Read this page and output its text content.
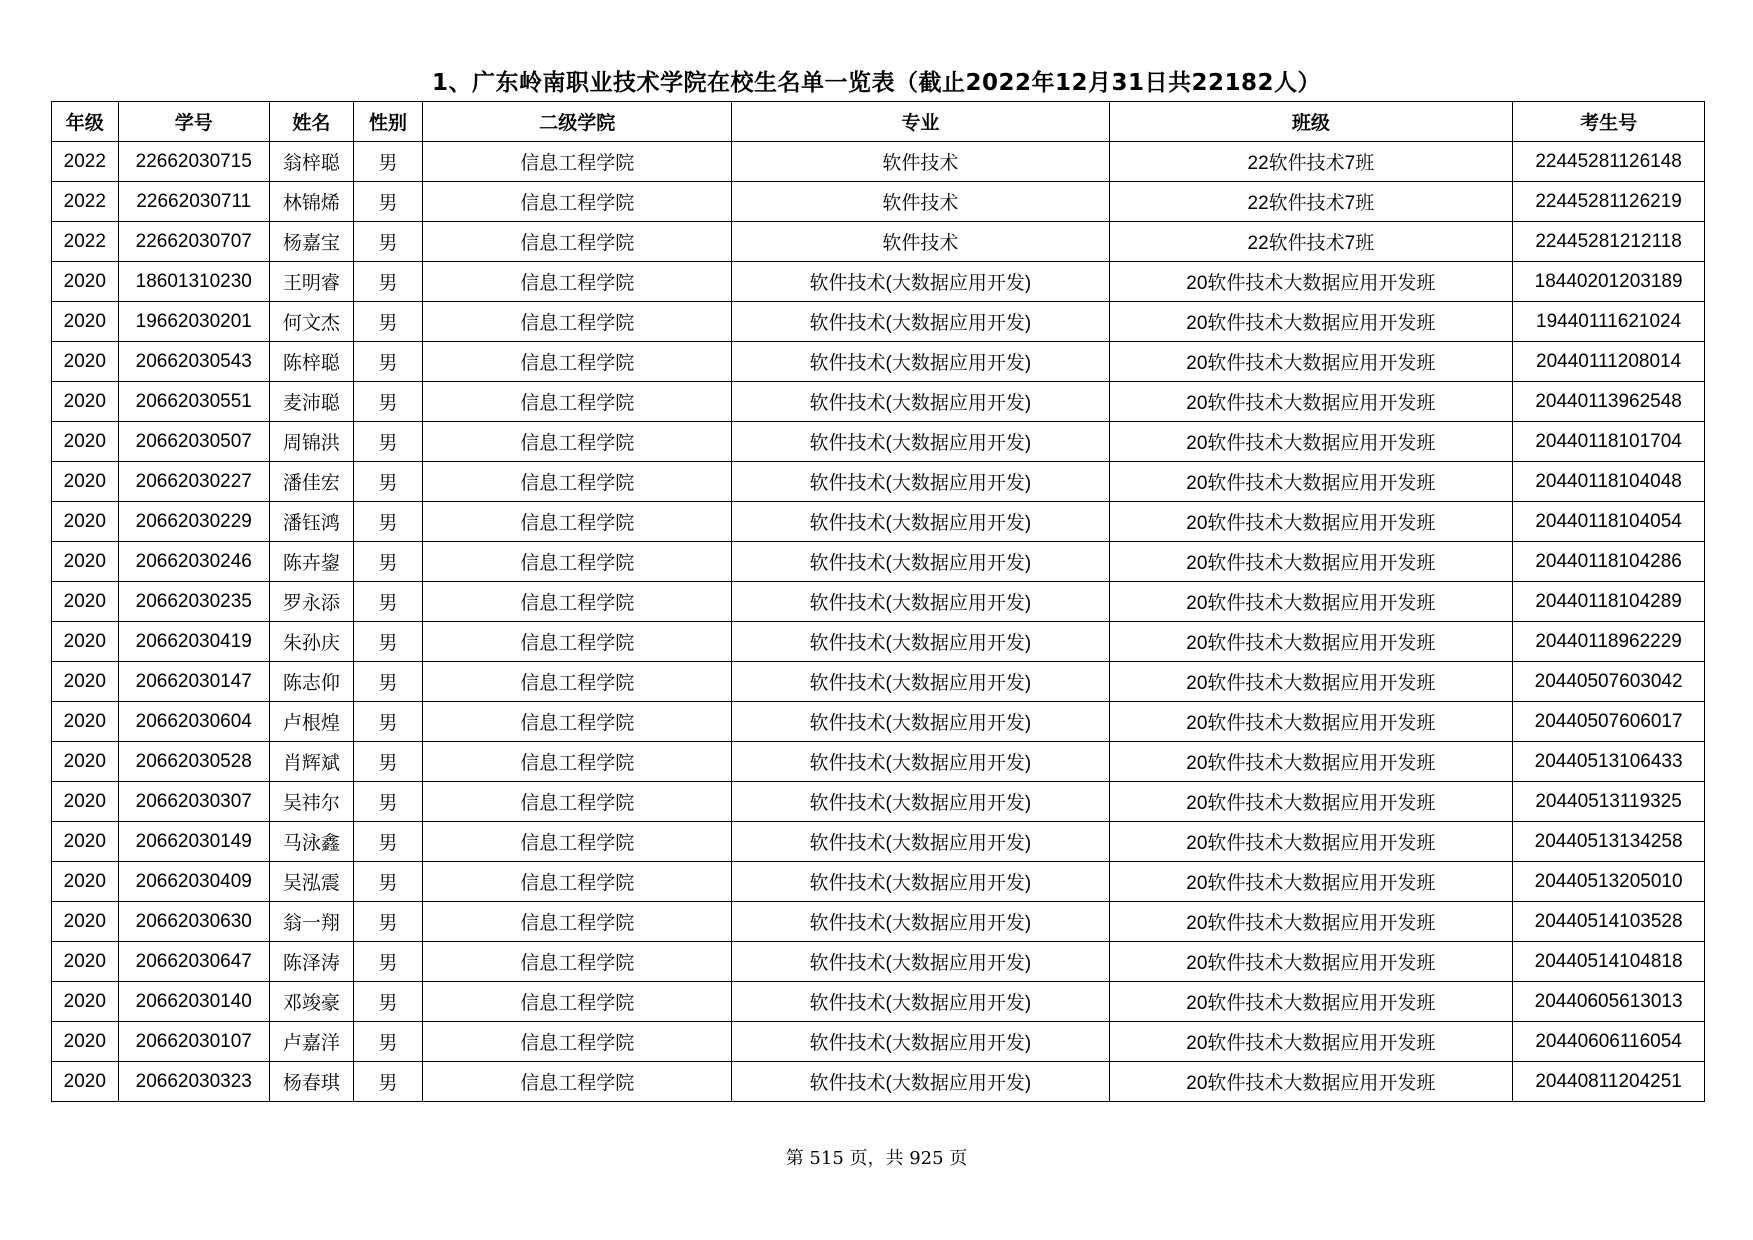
1、广东岭南职业技术学院在校生名单一览表（截止2022年12月31日共22182人）
年级	学号	姓名	性别	二级学院	专业	班级	考生号
2022	22662030715	翁梓聪	男	信息工程学院	软件技术	22软件技术7班	22445281126148
2022	22662030711	林锦烯	男	信息工程学院	软件技术	22软件技术7班	22445281126219
2022	22662030707	杨嘉宝	男	信息工程学院	软件技术	22软件技术7班	22445281212118
2020	18601310230	王明睿	男	信息工程学院	软件技术(大数据应用开发)	20软件技术大数据应用开发班	18440201203189
2020	19662030201	何文杰	男	信息工程学院	软件技术(大数据应用开发)	20软件技术大数据应用开发班	19440111621024
2020	20662030543	陈梓聪	男	信息工程学院	软件技术(大数据应用开发)	20软件技术大数据应用开发班	20440111208014
2020	20662030551	麦沛聪	男	信息工程学院	软件技术(大数据应用开发)	20软件技术大数据应用开发班	20440113962548
2020	20662030507	周锦洪	男	信息工程学院	软件技术(大数据应用开发)	20软件技术大数据应用开发班	20440118101704
2020	20662030227	潘佳宏	男	信息工程学院	软件技术(大数据应用开发)	20软件技术大数据应用开发班	20440118104048
2020	20662030229	潘钰鸿	男	信息工程学院	软件技术(大数据应用开发)	20软件技术大数据应用开发班	20440118104054
2020	20662030246	陈卉鋆	男	信息工程学院	软件技术(大数据应用开发)	20软件技术大数据应用开发班	20440118104286
2020	20662030235	罗永添	男	信息工程学院	软件技术(大数据应用开发)	20软件技术大数据应用开发班	20440118104289
2020	20662030419	朱孙庆	男	信息工程学院	软件技术(大数据应用开发)	20软件技术大数据应用开发班	20440118962229
2020	20662030147	陈志仰	男	信息工程学院	软件技术(大数据应用开发)	20软件技术大数据应用开发班	20440507603042
2020	20662030604	卢根煌	男	信息工程学院	软件技术(大数据应用开发)	20软件技术大数据应用开发班	20440507606017
2020	20662030528	肖辉斌	男	信息工程学院	软件技术(大数据应用开发)	20软件技术大数据应用开发班	20440513106433
2020	20662030307	吴祎尔	男	信息工程学院	软件技术(大数据应用开发)	20软件技术大数据应用开发班	20440513119325
2020	20662030149	马泳鑫	男	信息工程学院	软件技术(大数据应用开发)	20软件技术大数据应用开发班	20440513134258
2020	20662030409	吴泓震	男	信息工程学院	软件技术(大数据应用开发)	20软件技术大数据应用开发班	20440513205010
2020	20662030630	翁一翔	男	信息工程学院	软件技术(大数据应用开发)	20软件技术大数据应用开发班	20440514103528
2020	20662030647	陈泽涛	男	信息工程学院	软件技术(大数据应用开发)	20软件技术大数据应用开发班	20440514104818
2020	20662030140	邓竣豪	男	信息工程学院	软件技术(大数据应用开发)	20软件技术大数据应用开发班	20440605613013
2020	20662030107	卢嘉洋	男	信息工程学院	软件技术(大数据应用开发)	20软件技术大数据应用开发班	20440606116054
2020	20662030323	杨春琪	男	信息工程学院	软件技术(大数据应用开发)	20软件技术大数据应用开发班	20440811204251
第 515 页，共 925 页
